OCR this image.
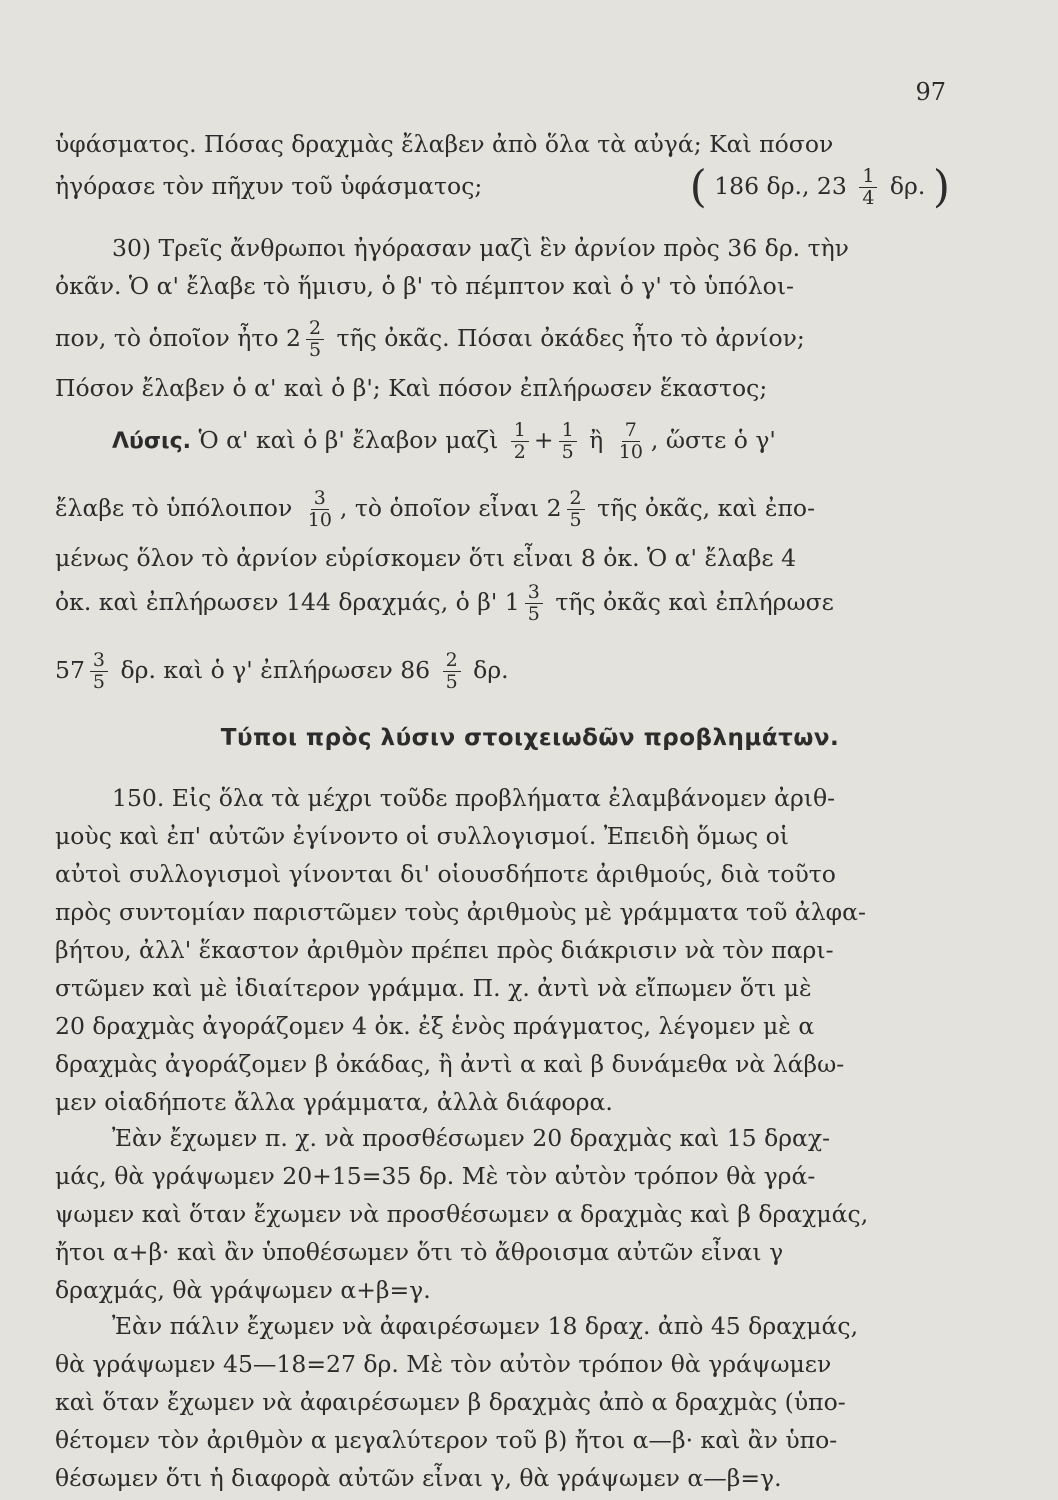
97
ὑφάσματος. Πόσας δραχμὰς ἔλαβεν ἀπὸ ὅλα τὰ αὐγά; Καὶ πόσον
ἠγόρασε τὸν πῆχυν τοῦ ὑφάσματος;	( 186 δρ., $23 \frac{1}{4} \delta\rho$. )
30) Τρεῖς ἄνθρωποι ἠγόρασαν μαζὶ ἓν ἀρνίον πρὸς 36 δρ. τὴν
ὀκᾶν. Ὁ α' ἔλαβε τὸ ἥμισυ, ὁ β' τὸ πέμπτον καὶ ὁ γ' τὸ ὑπόλοι-
πον, τὸ ὁποῖον ἦτο $2 \frac{2}{5}$ τῆς ὀκᾶς. Πόσαι ὀκάδες ἦτο τὸ ἀρνίον;
Πόσον ἔλαβεν ὁ α' καὶ ὁ β'; Καὶ πόσον ἐπλήρωσεν ἕκαστος;
Λύσις. Ὁ α' καὶ ὁ β' ἔλαβον μαζὶ $\frac{1}{2} + \frac{1}{5}$ ἢ $\frac{7}{10}$ , ὥστε ὁ γ'
ἔλαβε τὸ ὑπόλοιπον $\frac{3}{10}$ , τὸ ὁποῖον εἶναι $2 \frac{2}{5}$ τῆς ὀκᾶς, καὶ ἐπο-
μένως ὅλον τὸ ἀρνίον εὑρίσκομεν ὅτι εἶναι 8 ὀκ. Ὁ α' ἔλαβε 4
ὀκ. καὶ ἐπλήρωσεν 144 δραχμάς, ὁ β' $1 \frac{3}{5}$ τῆς ὀκᾶς καὶ ἐπλήρωσε
$57 \frac{3}{5} \delta\rho$. καὶ ὁ γ' ἐπλήρωσεν $86 \frac{2}{5} \delta\rho$.
Τύποι πρὸς λύσιν στοιχειωδῶν προβλημάτων.
150. Εἰς ὅλα τὰ μέχρι τοῦδε προβλήματα ἐλαμβάνομεν ἀριθ-
μοὺς καὶ ἐπ' αὐτῶν ἐγίνοντο οἱ συλλογισμοί. Ἐπειδὴ ὅμως οἱ
αὐτοὶ συλλογισμοὶ γίνονται δι' οἱουσδήποτε ἀριθμούς, διὰ τοῦτο
πρὸς συντομίαν παριστῶμεν τοὺς ἀριθμοὺς μὲ γράμματα τοῦ ἀλφα-
βήτου, ἀλλ' ἕκαστον ἀριθμὸν πρέπει πρὸς διάκρισιν νὰ τὸν παρι-
στῶμεν καὶ μὲ ἰδιαίτερον γράμμα. Π. χ. ἀντὶ νὰ εἴπωμεν ὅτι μὲ
20 δραχμὰς ἀγοράζομεν 4 ὀκ. ἐξ ἑνὸς πράγματος, λέγομεν μὲ α
δραχμὰς ἀγοράζομεν β ὀκάδας, ἢ ἀντὶ α καὶ β δυνάμεθα νὰ λάβω-
μεν οἱαδήποτε ἄλλα γράμματα, ἀλλὰ διάφορα.
Ἐὰν ἔχωμεν π. χ. νὰ προσθέσωμεν 20 δραχμὰς καὶ 15 δραχ-
μάς, θὰ γράψωμεν 20+15=35 δρ. Μὲ τὸν αὐτὸν τρόπον θὰ γρά-
ψωμεν καὶ ὅταν ἔχωμεν νὰ προσθέσωμεν α δραχμὰς καὶ β δραχμάς,
ἤτοι α+β· καὶ ἂν ὑποθέσωμεν ὅτι τὸ ἄθροισμα αὐτῶν εἶναι γ
δραχμάς, θὰ γράψωμεν α+β=γ.
Ἐὰν πάλιν ἔχωμεν νὰ ἀφαιρέσωμεν 18 δραχ. ἀπὸ 45 δραχμάς,
θὰ γράψωμεν 45—18=27 δρ. Μὲ τὸν αὐτὸν τρόπον θὰ γράψωμεν
καὶ ὅταν ἔχωμεν νὰ ἀφαιρέσωμεν β δραχμὰς ἀπὸ α δραχμὰς (ὑπο-
θέτομεν τὸν ἀριθμὸν α μεγαλύτερον τοῦ β) ἤτοι α—β· καὶ ἂν ὑπο-
θέσωμεν ὅτι ἡ διαφορὰ αὐτῶν εἶναι γ, θὰ γράψωμεν α—β=γ.
